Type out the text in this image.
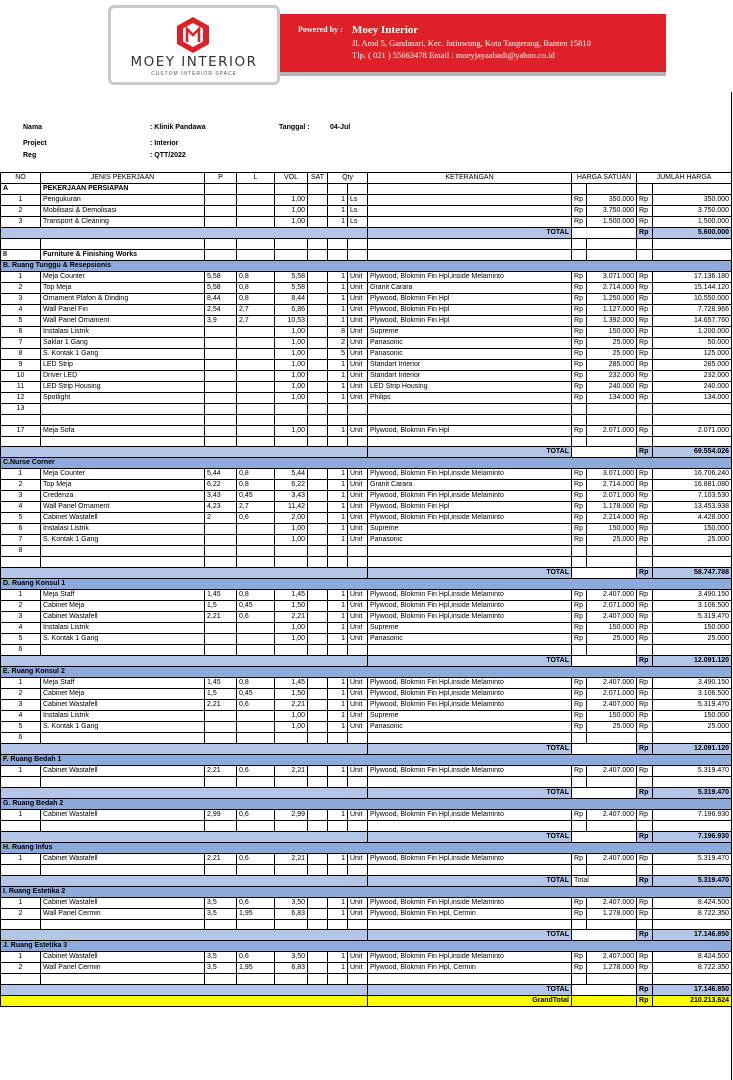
MOEY INTERIOR
CUSTOM INTERIOR SPACE
Powered by : Moey Interior
Jl. Amd 5, Gandasari, Kec. Jatiuwung, Kota Tangerang, Banten 15810
Tlp. ( 021 ) 55663478 Email : moeyjayaabadi@yahoo.co.id
Nama	: Klinik Pandawa	Tanggal :	04-Jul
Project	: Interior
Reg	: QTT/2022
NO	JENIS PEKERJAAN	P	L	VOL	SAT	Qty		KETERANGAN	HARGA SATUAN		JUMLAH HARGA	
A	PEKERJAAN PERSIAPAN											
1	Pengukuran			1,00		1	Ls		Rp	350.000	Rp	350.000
2	Mobilisasi & Demolisasi			1,00		1	Ls		Rp	3.750.000	Rp	3.750.000
3	Transport & Cleaning			1,00		1	Ls		Rp	1.500.000	Rp	1.500.000
								TOTAL			Rp	5.600.000

II	Furniture & Finishing Works											
B. Ruang Tunggu & Resepsionis												
1	Meja Counter	5,58	0,8	5,58		1	Unit	Plywood, Blokmin Fin Hpl,inside Melaminto	Rp	3.071.000	Rp	17.136.180
2	Top Meja	5,58	0,8	5,58		1	Unit	Granit Carara	Rp	2.714.000	Rp	15.144.120
3	Ornament Plafon & Dinding	8,44	0,8	8,44		1	Unit	Plywood, Blokmin Fin Hpl	Rp	1.250.000	Rp	10.550.000
4	Wall Panel Fin	2,54	2,7	6,86		1	Unit	Plywood, Blokmin Fin Hpl	Rp	1.127.000	Rp	7.728.966
5	Wall Panel Ornament	3,9	2,7	10,53		1	Unit	Plywood, Blokmin Fin Hpl	Rp	1.392.000	Rp	14.657.760
6	Instalasi Listrik			1,00		8	Unit	Supreme	Rp	150.000	Rp	1.200.000
7	Saklar 1 Gang			1,00		2	Unit	Panasonic	Rp	25.000	Rp	50.000
8	S. Kontak 1 Gang			1,00		5	Unit	Panasonic	Rp	25.000	Rp	125.000
9	LED Strip			1,00		1	Unit	Standart Interior	Rp	285.000	Rp	285.000
10	Driver LED			1,00		1	Unit	Standart Interior	Rp	232.000	Rp	232.000
11	LED Strip Housing			1,00		1	Unit	LED Strip Housing	Rp	240.000	Rp	240.000
12	Spotlight			1,00		1	Unit	Philips	Rp	134.000	Rp	134.000
13												

17	Meja Sofa			1,00		1	Unit	Plywood, Blokmin Fin Hpl	Rp	2.071.000	Rp	2.071.000

								TOTAL			Rp	69.554.026
C.Nurse Corner												
1	Meja Counter	5,44	0,8	5,44		1	Unit	Plywood, Blokmin Fin Hpl,inside Melaminto	Rp	3.071.000	Rp	16.706.240
2	Top Meja	6,22	0,8	6,22		1	Unit	Granit Carara	Rp	2.714.000	Rp	16.881.080
3	Credenza	3,43	0,45	3,43		1	Unit	Plywood, Blokmin Fin Hpl,inside Melaminto	Rp	2.071.000	Rp	7.103.530
4	Wall Panel Ornament	4,23	2,7	11,42		1	Unit	Plywood, Blokmin Fin Hpl	Rp	1.178.000	Rp	13.453.938
5	Cabinet Wastafell	2	0,6	2,00		1	Unit	Plywood, Blokmin Fin Hpl,inside Melaminto	Rp	2.214.000	Rp	4.428.000
6	Instalasi Listrik			1,00		1	Unit	Supreme	Rp	150.000	Rp	150.000
7	S. Kontak 1 Gang			1,00		1	Unit	Panasonic	Rp	25.000	Rp	25.000
8												

								TOTAL			Rp	58.747.788
D. Ruang Konsul 1												
1	Meja Staff	1,45	0,8	1,45		1	Unit	Plywood, Blokmin Fin Hpl,inside Melaminto	Rp	2.407.000	Rp	3.490.150
2	Cabinet Meja	1,5	0,45	1,50		1	Unit	Plywood, Blokmin Fin Hpl,inside Melaminto	Rp	2.071.000	Rp	3.106.500
3	Cabinet Wastafell	2,21	0,6	2,21		1	Unit	Plywood, Blokmin Fin Hpl,inside Melaminto	Rp	2.407.000	Rp	5.319.470
4	Instalasi Listrik			1,00		1	Unit	Supreme	Rp	150.000	Rp	150.000
5	S. Kontak 1 Gang			1,00		1	Unit	Panasonic	Rp	25.000	Rp	25.000
6												
								TOTAL			Rp	12.091.120
E. Ruang Konsul 2												
1	Meja Staff	1,45	0,8	1,45		1	Unit	Plywood, Blokmin Fin Hpl,inside Melaminto	Rp	2.407.000	Rp	3.490.150
2	Cabinet Meja	1,5	0,45	1,50		1	Unit	Plywood, Blokmin Fin Hpl,inside Melaminto	Rp	2.071.000	Rp	3.106.500
3	Cabinet Wastafell	2,21	0,6	2,21		1	Unit	Plywood, Blokmin Fin Hpl,inside Melaminto	Rp	2.407.000	Rp	5.319.470
4	Instalasi Listrik			1,00		1	Unit	Supreme	Rp	150.000	Rp	150.000
5	S. Kontak 1 Gang			1,00		1	Unit	Panasonic	Rp	25.000	Rp	25.000
6												
								TOTAL			Rp	12.091.120
F. Ruang Bedah 1												
1	Cabinet Wastafell	2,21	0,6	2,21		1	Unit	Plywood, Blokmin Fin Hpl,inside Melaminto	Rp	2.407.000	Rp	5.319.470

								TOTAL			Rp	5.319.470
G. Ruang Bedah 2												
1	Cabinet Wastafell	2,99	0,6	2,99		1	Unit	Plywood, Blokmin Fin Hpl,inside Melaminto	Rp	2.407.000	Rp	7.196.930

								TOTAL			Rp	7.196.930
H. Ruang Infus												
1	Cabinet Wastafell	2,21	0,6	2,21		1	Unit	Plywood, Blokmin Fin Hpl,inside Melaminto	Rp	2.407.000	Rp	5.319.470

								TOTAL	Total		Rp	5.319.470
I. Ruang Estetika 2												
1	Cabinet Wastafell	3,5	0,6	3,50		1	Unit	Plywood, Blokmin Fin Hpl,inside Melaminto	Rp	2.407.000	Rp	8.424.500
2	Wall Panel Cermin	3,5	1,95	6,83		1	Unit	Plywood, Blokmin Fin Hpl, Cermin	Rp	1.278.000	Rp	8.722.350

								TOTAL			Rp	17.146.850
J. Ruang Estetika 3												
1	Cabinet Wastafell	3,5	0,6	3,50		1	Unit	Plywood, Blokmin Fin Hpl,inside Melaminto	Rp	2.407.000	Rp	8.424.500
2	Wall Panel Cermin	3,5	1,95	6,83		1	Unit	Plywood, Blokmin Fin Hpl, Cermin	Rp	1.278.000	Rp	8.722.350

								TOTAL			Rp	17.146.850
								GrandTotal			Rp	210.213.624
